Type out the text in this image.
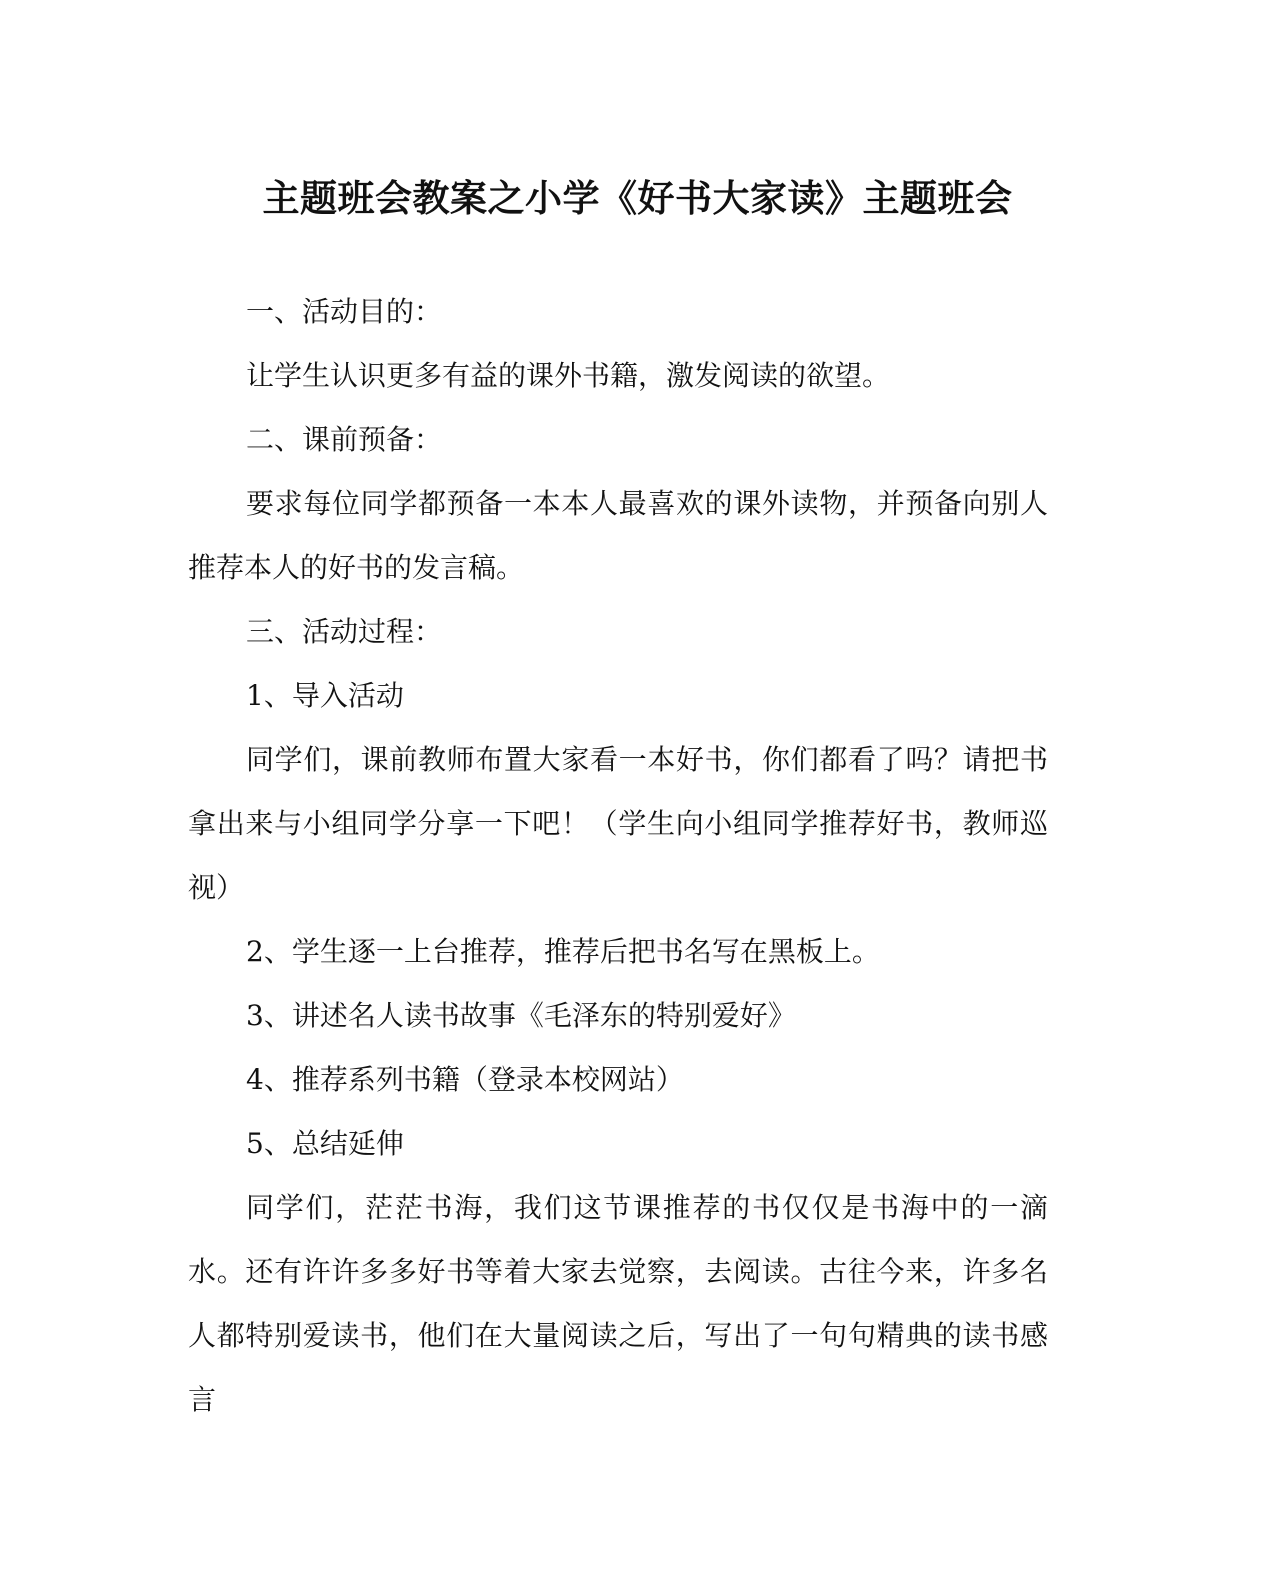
主题班会教案之小学《好书大家读》主题班会

一、活动目的：

让学生认识更多有益的课外书籍，激发阅读的欲望。

二、课前预备：

要求每位同学都预备一本本人最喜欢的课外读物，并预备向别人推荐本人的好书的发言稿。

三、活动过程：

1、导入活动

同学们，课前教师布置大家看一本好书，你们都看了吗？请把书拿出来与小组同学分享一下吧！（学生向小组同学推荐好书，教师巡视）

2、学生逐一上台推荐，推荐后把书名写在黑板上。

3、讲述名人读书故事《毛泽东的特别爱好》

4、推荐系列书籍（登录本校网站）

5、总结延伸

同学们，茫茫书海，我们这节课推荐的书仅仅是书海中的一滴水。还有许许多多好书等着大家去觉察，去阅读。古往今来，许多名人都特别爱读书，他们在大量阅读之后，写出了一句句精典的读书感言
